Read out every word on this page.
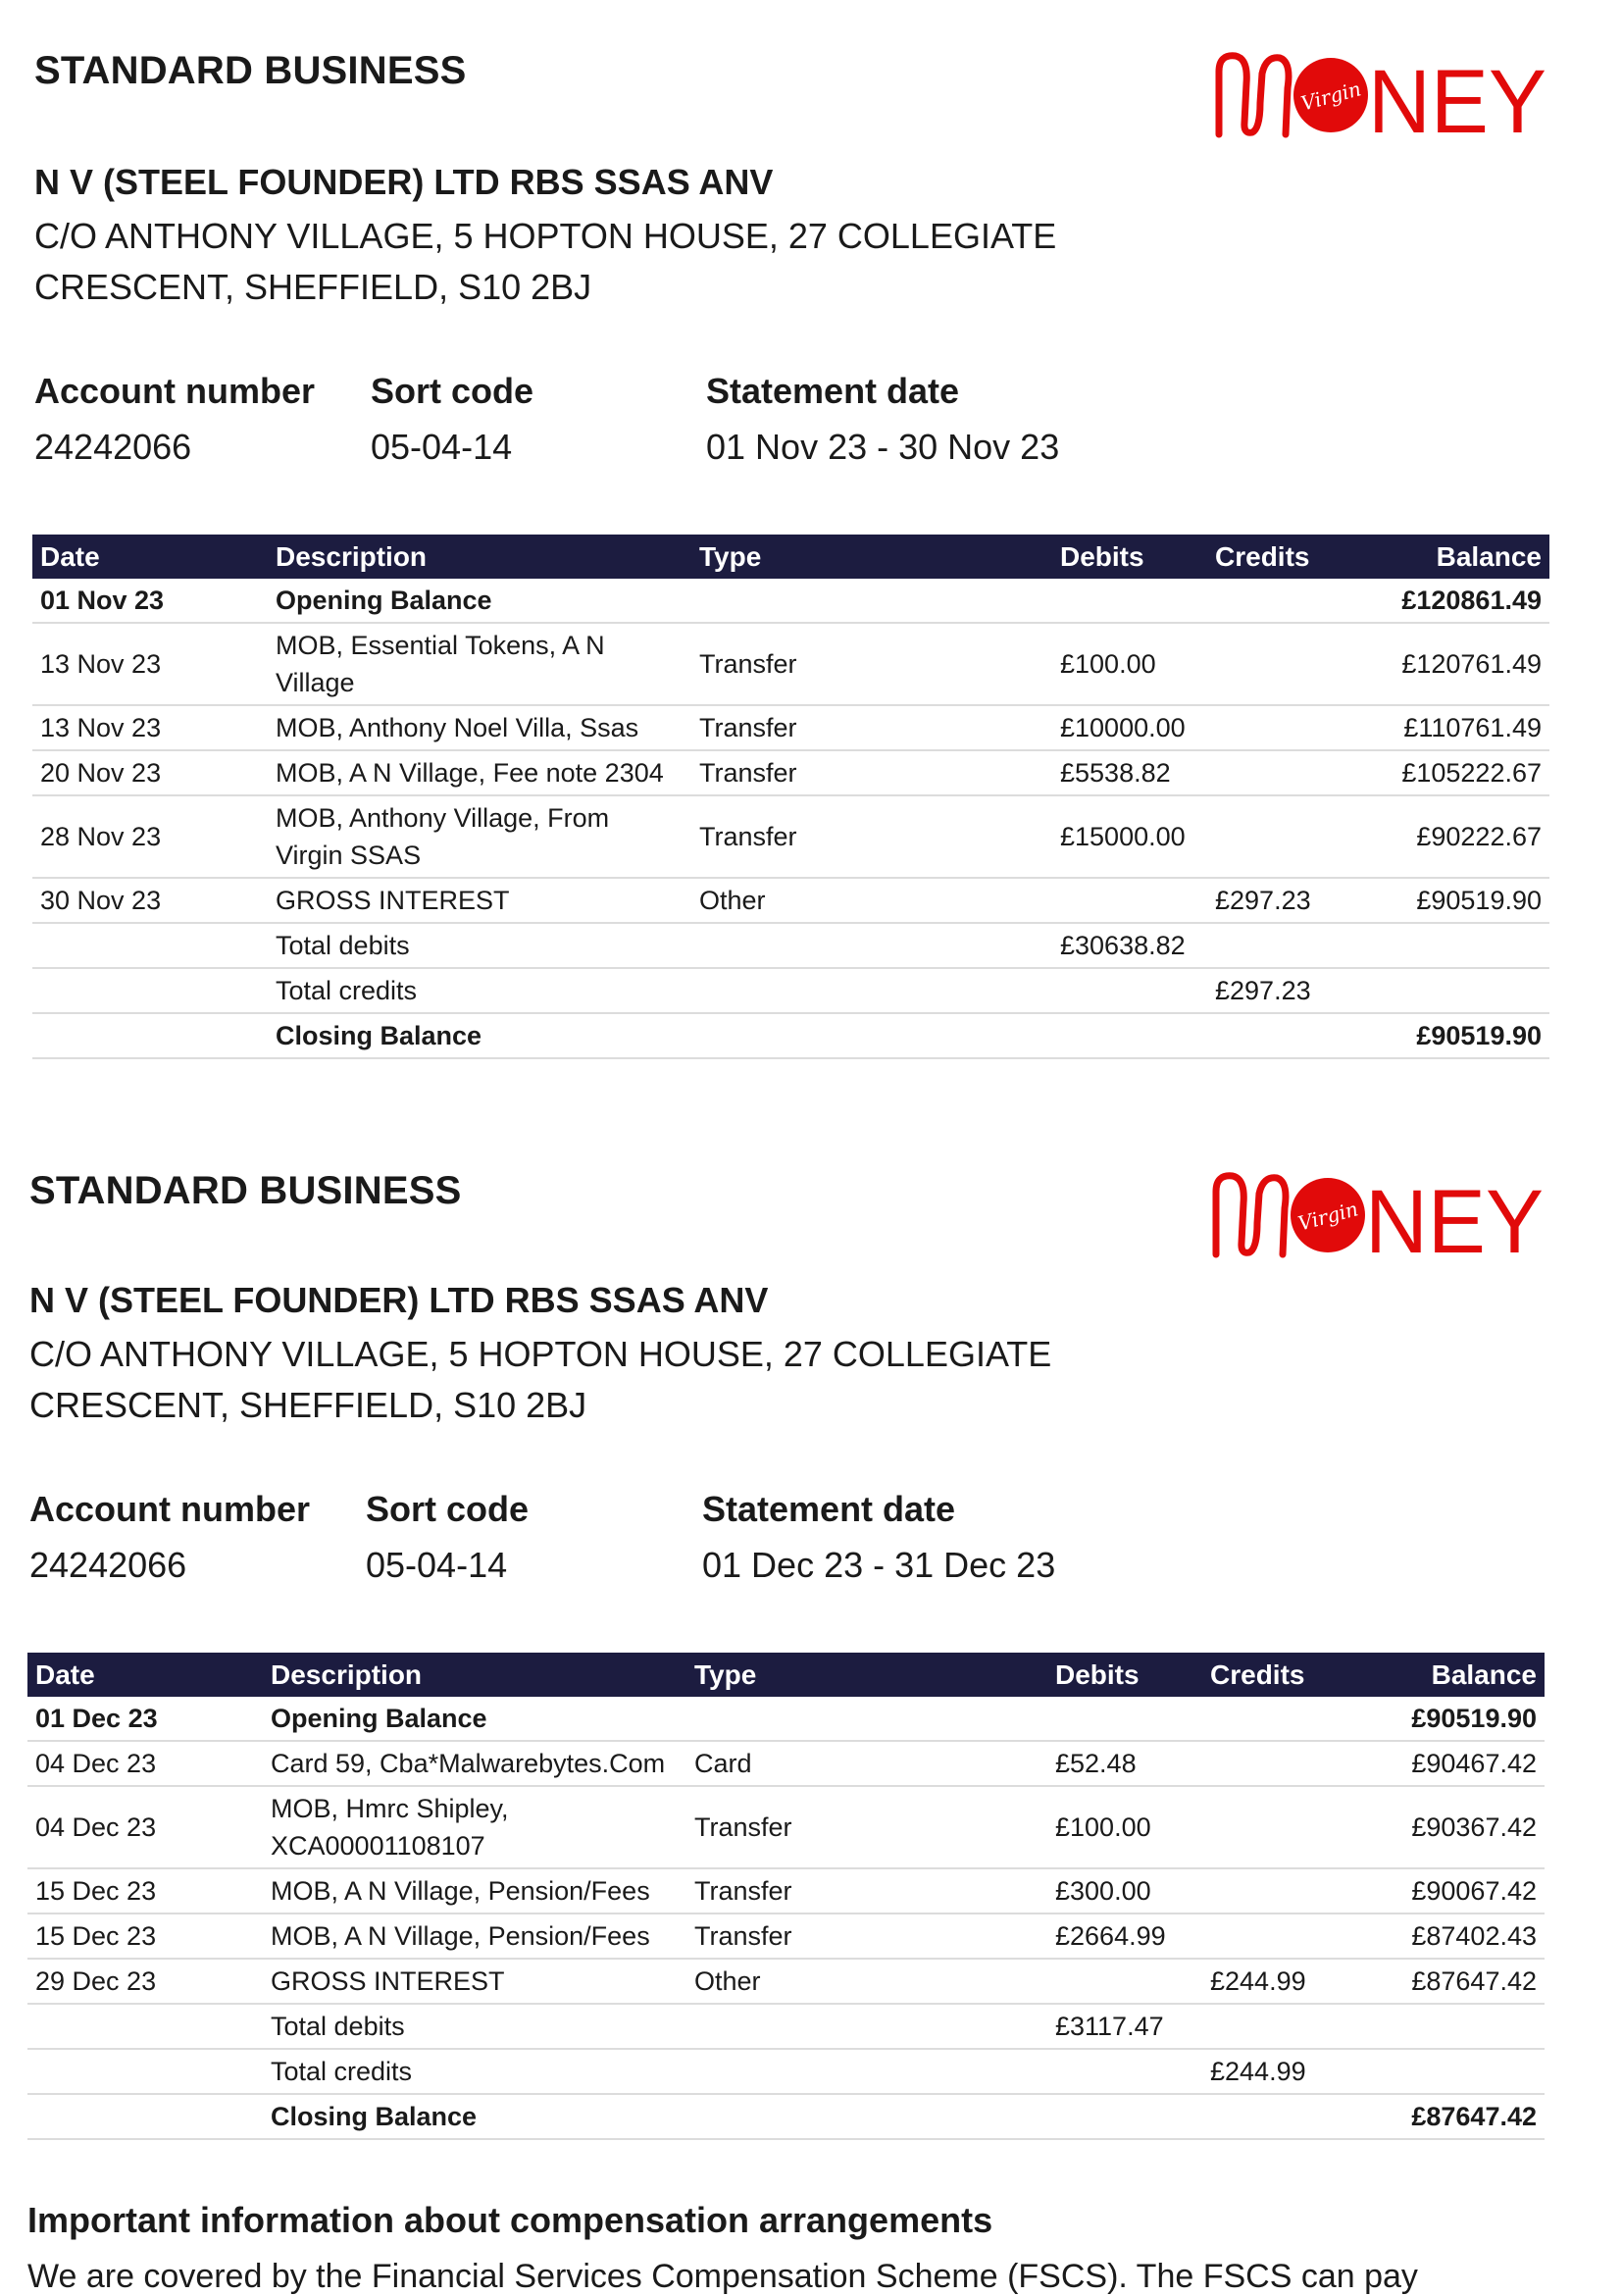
STANDARD BUSINESS
Virgin NEY
N V (STEEL FOUNDER) LTD RBS SSAS ANV
C/O ANTHONY VILLAGE, 5 HOPTON HOUSE, 27 COLLEGIATE
CRESCENT, SHEFFIELD, S10 2BJ
Account number
24242066
Sort code
05-04-14
Statement date
01 Nov 23 - 30 Nov 23
Date	Description	Type	Debits	Credits	Balance
01 Nov 23	Opening Balance				£120861.49
13 Nov 23	MOB, Essential Tokens, A N Village	Transfer	£100.00		£120761.49
13 Nov 23	MOB, Anthony Noel Villa, Ssas	Transfer	£10000.00		£110761.49
20 Nov 23	MOB, A N Village, Fee note 2304	Transfer	£5538.82		£105222.67
28 Nov 23	MOB, Anthony Village, From Virgin SSAS	Transfer	£15000.00		£90222.67
30 Nov 23	GROSS INTEREST	Other		£297.23	£90519.90
	Total debits		£30638.82		
	Total credits			£297.23	
	Closing Balance				£90519.90
STANDARD BUSINESS
Virgin NEY
N V (STEEL FOUNDER) LTD RBS SSAS ANV
C/O ANTHONY VILLAGE, 5 HOPTON HOUSE, 27 COLLEGIATE
CRESCENT, SHEFFIELD, S10 2BJ
Account number
24242066
Sort code
05-04-14
Statement date
01 Dec 23 - 31 Dec 23
Date	Description	Type	Debits	Credits	Balance
01 Dec 23	Opening Balance				£90519.90
04 Dec 23	Card 59, Cba*Malwarebytes.Com	Card	£52.48		£90467.42
04 Dec 23	MOB, Hmrc Shipley, XCA00001108107	Transfer	£100.00		£90367.42
15 Dec 23	MOB, A N Village, Pension/Fees	Transfer	£300.00		£90067.42
15 Dec 23	MOB, A N Village, Pension/Fees	Transfer	£2664.99		£87402.43
29 Dec 23	GROSS INTEREST	Other		£244.99	£87647.42
	Total debits		£3117.47		
	Total credits			£244.99	
	Closing Balance				£87647.42
Important information about compensation arrangements
We are covered by the Financial Services Compensation Scheme (FSCS). The FSCS can pay
